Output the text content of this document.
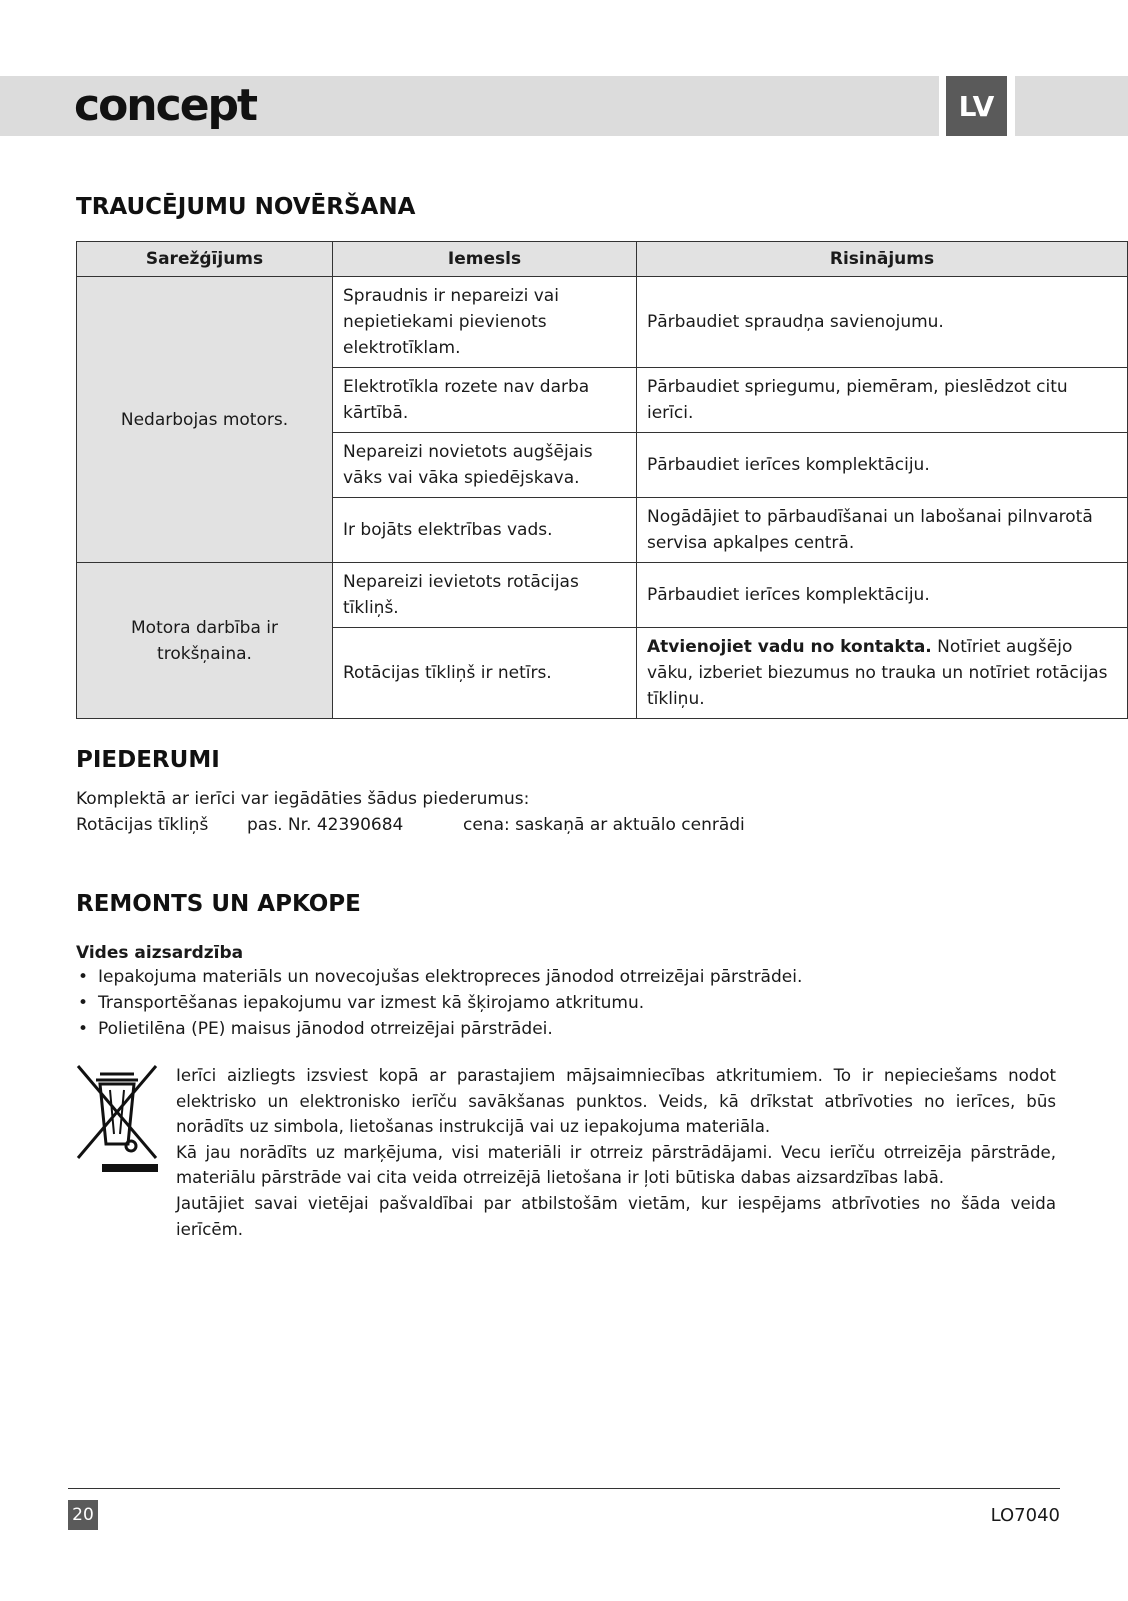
concept	LV
TRAUCĒJUMU NOVĒRŠANA
Sarežģījums	Iemesls	Risinājums
Nedarbojas motors.	Spraudnis ir nepareizi vai nepietiekami pievienots elektrotīklam.	Pārbaudiet spraudņa savienojumu.
	Elektrotīkla rozete nav darba kārtībā.	Pārbaudiet spriegumu, piemēram, pieslēdzot citu ierīci.
	Nepareizi novietots augšējais vāks vai vāka spiedējskava.	Pārbaudiet ierīces komplektāciju.
	Ir bojāts elektrības vads.	Nogādājiet to pārbaudīšanai un labošanai pilnvarotā servisa apkalpes centrā.
Motora darbība ir trokšņaina.	Nepareizi ievietots rotācijas tīkliņš.	Pārbaudiet ierīces komplektāciju.
	Rotācijas tīkliņš ir netīrs.	Atvienojiet vadu no kontakta. Notīriet augšējo vāku, izberiet biezumus no trauka un notīriet rotācijas tīkliņu.
PIEDERUMI
Komplektā ar ierīci var iegādāties šādus piederumus:
Rotācijas tīkliņš pas. Nr. 42390684	cena: saskaņā ar aktuālo cenrādi
REMONTS UN APKOPE
Vides aizsardzība
• Iepakojuma materiāls un novecojušas elektropreces jānodod otrreizējai pārstrādei.
• Transportēšanas iepakojumu var izmest kā šķirojamo atkritumu.
• Polietilēna (PE) maisus jānodod otrreizējai pārstrādei.

Ierīci aizliegts izsviest kopā ar parastajiem mājsaimniecības atkritumiem. To ir nepieciešams nodot elektrisko un elektronisko ierīču savākšanas punktos. Veids, kā drīkstat atbrīvoties no ierīces, būs norādīts uz simbola, lietošanas instrukcijā vai uz iepakojuma materiāla.

Kā jau norādīts uz marķējuma, visi materiāli ir otrreiz pārstrādājami. Vecu ierīču otrreizēja pārstrāde, materiālu pārstrāde vai cita veida otrreizējā lietošana ir ļoti būtiska dabas aizsardzības labā.

Jautājiet savai vietējai pašvaldībai par atbilstošām vietām, kur iespējams atbrīvoties no šāda veida ierīcēm.

20	LO7040
